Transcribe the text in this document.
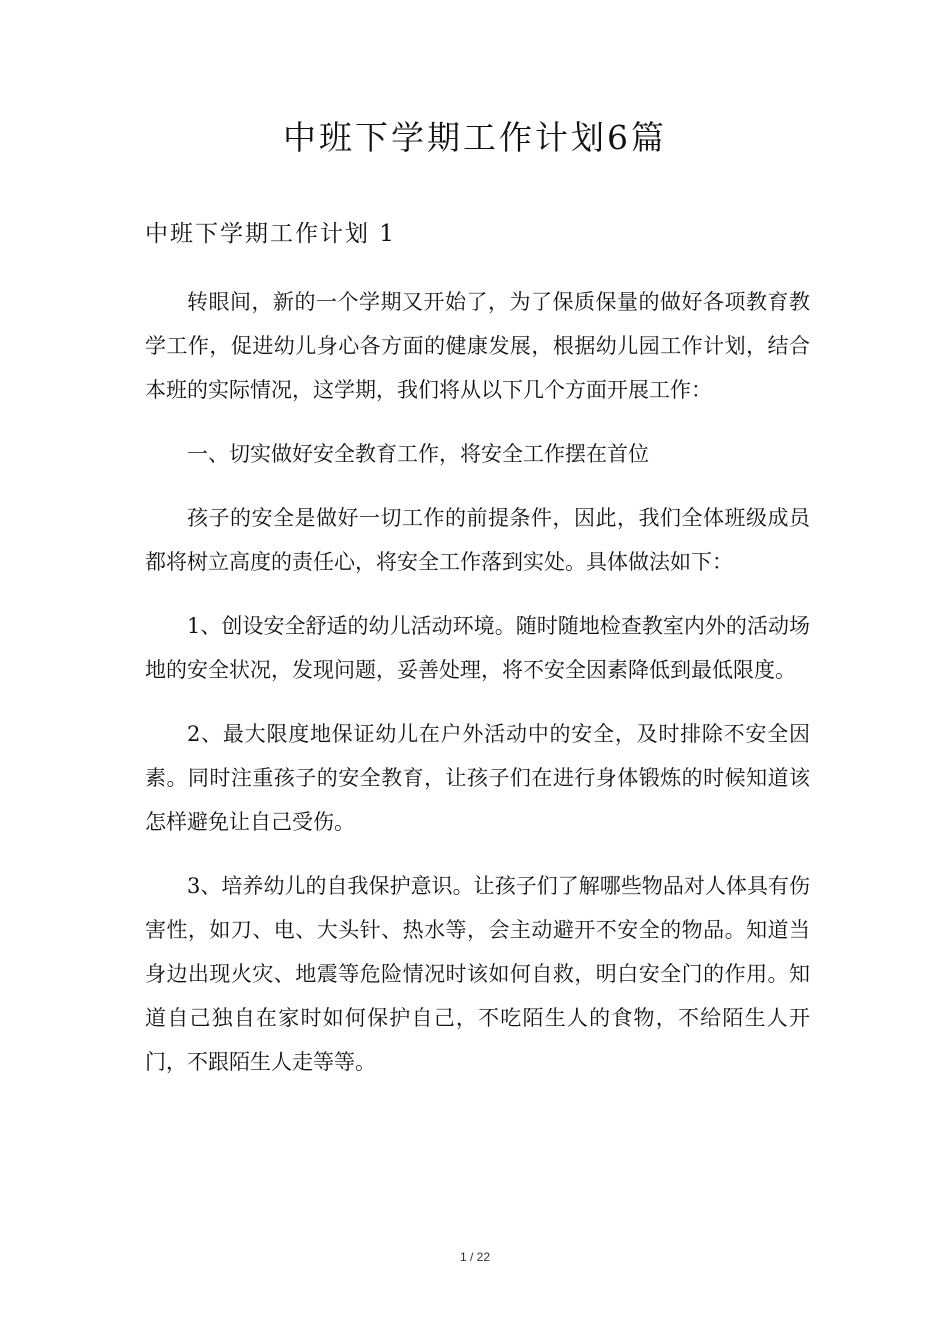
中班下学期工作计划6篇
中班下学期工作计划 1

转眼间，新的一个学期又开始了，为了保质保量的做好各项教育教学工作，促进幼儿身心各方面的健康发展，根据幼儿园工作计划，结合本班的实际情况，这学期，我们将从以下几个方面开展工作：

一、切实做好安全教育工作，将安全工作摆在首位

孩子的安全是做好一切工作的前提条件，因此，我们全体班级成员都将树立高度的责任心，将安全工作落到实处。具体做法如下：

1、创设安全舒适的幼儿活动环境。随时随地检查教室内外的活动场地的安全状况，发现问题，妥善处理，将不安全因素降低到最低限度。

2、最大限度地保证幼儿在户外活动中的安全，及时排除不安全因素。同时注重孩子的安全教育，让孩子们在进行身体锻炼的时候知道该怎样避免让自己受伤。

3、培养幼儿的自我保护意识。让孩子们了解哪些物品对人体具有伤害性，如刀、电、大头针、热水等，会主动避开不安全的物品。知道当身边出现火灾、地震等危险情况时该如何自救，明白安全门的作用。知道自己独自在家时如何保护自己，不吃陌生人的食物，不给陌生人开门，不跟陌生人走等等。

1 / 22
